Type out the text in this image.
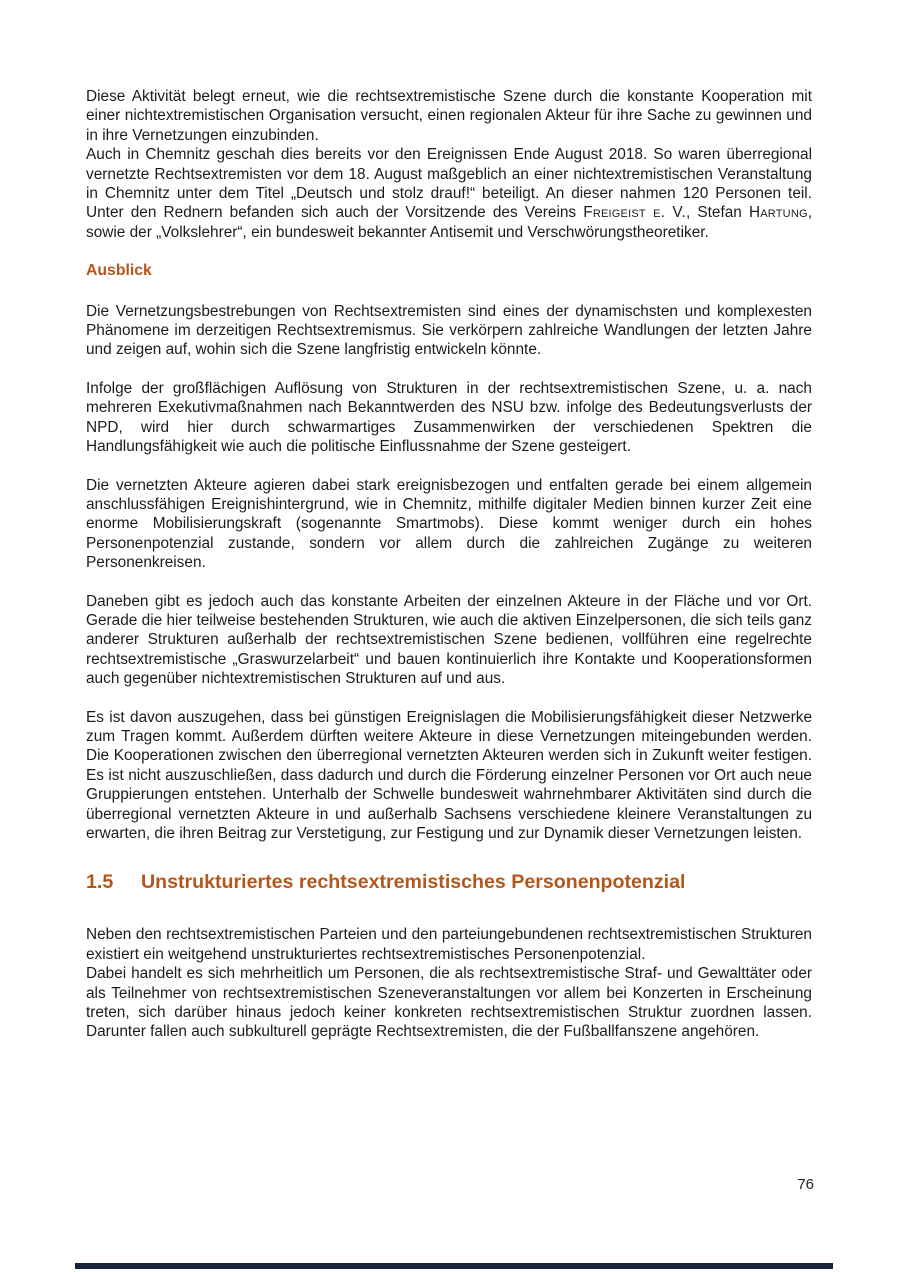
Diese Aktivität belegt erneut, wie die rechtsextremistische Szene durch die konstante Kooperation mit einer nichtextremistischen Organisation versucht, einen regionalen Akteur für ihre Sache zu gewinnen und in ihre Vernetzungen einzubinden.

Auch in Chemnitz geschah dies bereits vor den Ereignissen Ende August 2018. So waren überregional vernetzte Rechtsextremisten vor dem 18. August maßgeblich an einer nichtextremistischen Veranstaltung in Chemnitz unter dem Titel „Deutsch und stolz drauf!“ beteiligt. An dieser nahmen 120 Personen teil. Unter den Rednern befanden sich auch der Vorsitzende des Vereins Freigeist e. V., Stefan Hartung, sowie der „Volkslehrer“, ein bundesweit bekannter Antisemit und Verschwörungstheoretiker.

Ausblick

Die Vernetzungsbestrebungen von Rechtsextremisten sind eines der dynamischsten und komplexesten Phänomene im derzeitigen Rechtsextremismus. Sie verkörpern zahlreiche Wandlungen der letzten Jahre und zeigen auf, wohin sich die Szene langfristig entwickeln könnte.

Infolge der großflächigen Auflösung von Strukturen in der rechtsextremistischen Szene, u. a. nach mehreren Exekutivmaßnahmen nach Bekanntwerden des NSU bzw. infolge des Bedeutungsverlusts der NPD, wird hier durch schwarmartiges Zusammenwirken der verschiedenen Spektren die Handlungsfähigkeit wie auch die politische Einflussnahme der Szene gesteigert.

Die vernetzten Akteure agieren dabei stark ereignisbezogen und entfalten gerade bei einem allgemein anschlussfähigen Ereignishintergrund, wie in Chemnitz, mithilfe digitaler Medien binnen kurzer Zeit eine enorme Mobilisierungskraft (sogenannte Smartmobs). Diese kommt weniger durch ein hohes Personenpotenzial zustande, sondern vor allem durch die zahlreichen Zugänge zu weiteren Personenkreisen.

Daneben gibt es jedoch auch das konstante Arbeiten der einzelnen Akteure in der Fläche und vor Ort. Gerade die hier teilweise bestehenden Strukturen, wie auch die aktiven Einzelpersonen, die sich teils ganz anderer Strukturen außerhalb der rechtsextremistischen Szene bedienen, vollführen eine regelrechte rechtsextremistische „Graswurzelarbeit“ und bauen kontinuierlich ihre Kontakte und Kooperationsformen auch gegenüber nichtextremistischen Strukturen auf und aus.

Es ist davon auszugehen, dass bei günstigen Ereignislagen die Mobilisierungsfähigkeit dieser Netzwerke zum Tragen kommt. Außerdem dürften weitere Akteure in diese Vernetzungen miteingebunden werden. Die Kooperationen zwischen den überregional vernetzten Akteuren werden sich in Zukunft weiter festigen. Es ist nicht auszuschließen, dass dadurch und durch die Förderung einzelner Personen vor Ort auch neue Gruppierungen entstehen. Unterhalb der Schwelle bundesweit wahrnehmbarer Aktivitäten sind durch die überregional vernetzten Akteure in und außerhalb Sachsens verschiedene kleinere Veranstaltungen zu erwarten, die ihren Beitrag zur Verstetigung, zur Festigung und zur Dynamik dieser Vernetzungen leisten.

1.5 Unstrukturiertes rechtsextremistisches Personenpotenzial

Neben den rechtsextremistischen Parteien und den parteiungebundenen rechtsextremistischen Strukturen existiert ein weitgehend unstrukturiertes rechtsextremistisches Personenpotenzial.

Dabei handelt es sich mehrheitlich um Personen, die als rechtsextremistische Straf- und Gewalttäter oder als Teilnehmer von rechtsextremistischen Szeneveranstaltungen vor allem bei Konzerten in Erscheinung treten, sich darüber hinaus jedoch keiner konkreten rechtsextremistischen Struktur zuordnen lassen. Darunter fallen auch subkulturell geprägte Rechtsextremisten, die der Fußballfanszene angehören.

76
